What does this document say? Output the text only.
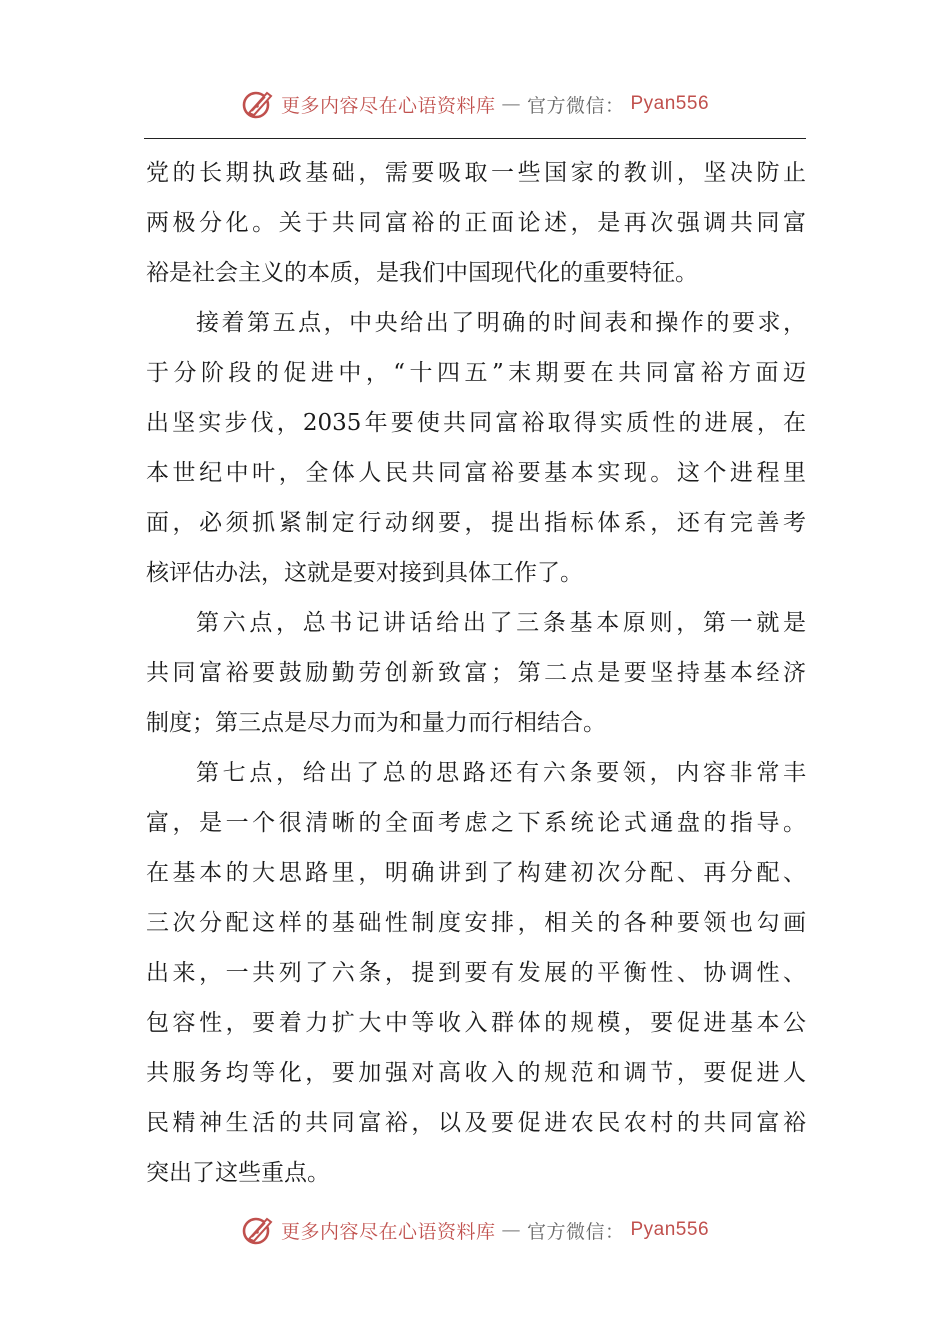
更多内容尽在心语资料库 — 官方微信： Pyan556
党的长期执政基础，需要吸取一些国家的教训，坚决防止
两极分化。关于共同富裕的正面论述，是再次强调共同富
裕是社会主义的本质，是我们中国现代化的重要特征。
接着第五点，中央给出了明确的时间表和操作的要求，
于分阶段的促进中，“十四五”末期要在共同富裕方面迈
出坚实步伐，2035年要使共同富裕取得实质性的进展，在
本世纪中叶，全体人民共同富裕要基本实现。这个进程里
面，必须抓紧制定行动纲要，提出指标体系，还有完善考
核评估办法，这就是要对接到具体工作了。
第六点，总书记讲话给出了三条基本原则，第一就是
共同富裕要鼓励勤劳创新致富；第二点是要坚持基本经济
制度；第三点是尽力而为和量力而行相结合。
第七点，给出了总的思路还有六条要领，内容非常丰
富，是一个很清晰的全面考虑之下系统论式通盘的指导。
在基本的大思路里，明确讲到了构建初次分配、再分配、
三次分配这样的基础性制度安排，相关的各种要领也勾画
出来，一共列了六条，提到要有发展的平衡性、协调性、
包容性，要着力扩大中等收入群体的规模，要促进基本公
共服务均等化，要加强对高收入的规范和调节，要促进人
民精神生活的共同富裕，以及要促进农民农村的共同富裕
突出了这些重点。
更多内容尽在心语资料库 — 官方微信： Pyan556
